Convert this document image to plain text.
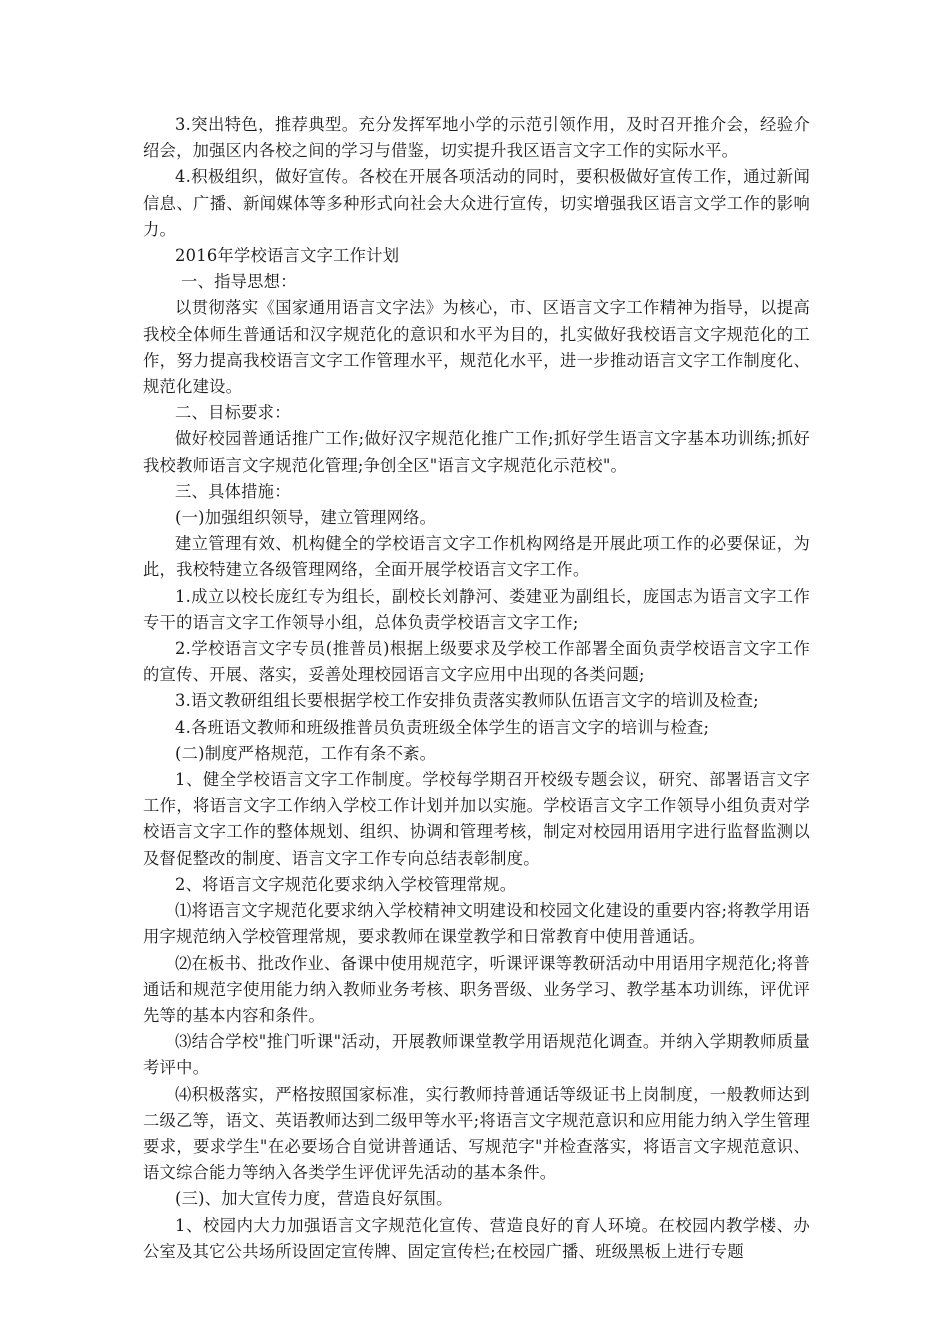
3.突出特色，推荐典型。充分发挥军地小学的示范引领作用，及时召开推介会，经验介绍会，加强区内各校之间的学习与借鉴，切实提升我区语言文字工作的实际水平。

4.积极组织，做好宣传。各校在开展各项活动的同时，要积极做好宣传工作，通过新闻信息、广播、新闻媒体等多种形式向社会大众进行宣传，切实增强我区语言文学工作的影响力。

2016年学校语言文字工作计划

一、指导思想：

以贯彻落实《国家通用语言文字法》为核心，市、区语言文字工作精神为指导，以提高我校全体师生普通话和汉字规范化的意识和水平为目的，扎实做好我校语言文字规范化的工作，努力提高我校语言文字工作管理水平，规范化水平，进一步推动语言文字工作制度化、规范化建设。

二、目标要求：

做好校园普通话推广工作;做好汉字规范化推广工作;抓好学生语言文字基本功训练;抓好我校教师语言文字规范化管理;争创全区"语言文字规范化示范校"。

三、具体措施：

(一)加强组织领导，建立管理网络。

建立管理有效、机构健全的学校语言文字工作机构网络是开展此项工作的必要保证，为此，我校特建立各级管理网络，全面开展学校语言文字工作。

1.成立以校长庞红专为组长，副校长刘静河、娄建亚为副组长，庞国志为语言文字工作专干的语言文字工作领导小组，总体负责学校语言文字工作;

2.学校语言文字专员(推普员)根据上级要求及学校工作部署全面负责学校语言文字工作的宣传、开展、落实，妥善处理校园语言文字应用中出现的各类问题;

3.语文教研组组长要根据学校工作安排负责落实教师队伍语言文字的培训及检查;

4.各班语文教师和班级推普员负责班级全体学生的语言文字的培训与检查;

(二)制度严格规范，工作有条不紊。

1、健全学校语言文字工作制度。学校每学期召开校级专题会议，研究、部署语言文字工作，将语言文字工作纳入学校工作计划并加以实施。学校语言文字工作领导小组负责对学校语言文字工作的整体规划、组织、协调和管理考核，制定对校园用语用字进行监督监测以及督促整改的制度、语言文字工作专向总结表彰制度。

2、将语言文字规范化要求纳入学校管理常规。

⑴将语言文字规范化要求纳入学校精神文明建设和校园文化建设的重要内容;将教学用语用字规范纳入学校管理常规，要求教师在课堂教学和日常教育中使用普通话。

⑵在板书、批改作业、备课中使用规范字，听课评课等教研活动中用语用字规范化;将普通话和规范字使用能力纳入教师业务考核、职务晋级、业务学习、教学基本功训练，评优评先等的基本内容和条件。

⑶结合学校"推门听课"活动，开展教师课堂教学用语规范化调查。并纳入学期教师质量考评中。

⑷积极落实，严格按照国家标准，实行教师持普通话等级证书上岗制度，一般教师达到二级乙等，语文、英语教师达到二级甲等水平;将语言文字规范意识和应用能力纳入学生管理要求，要求学生"在必要场合自觉讲普通话、写规范字"并检查落实，将语言文字规范意识、语文综合能力等纳入各类学生评优评先活动的基本条件。

(三)、加大宣传力度，营造良好氛围。

1、校园内大力加强语言文字规范化宣传、营造良好的育人环境。在校园内教学楼、办公室及其它公共场所设固定宣传牌、固定宣传栏;在校园广播、班级黑板上进行专题
